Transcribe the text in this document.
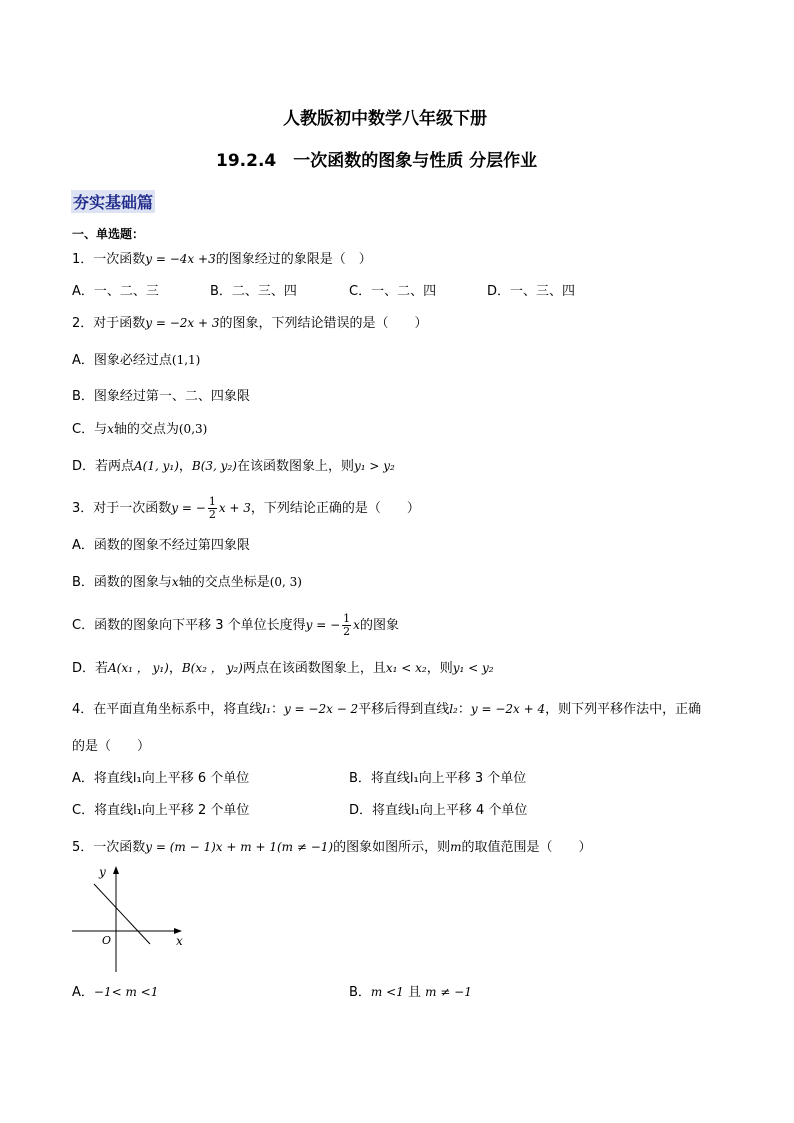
人教版初中数学八年级下册
19.2.4　一次函数的图象与性质 分层作业
夯实基础篇
一、单选题：
1．一次函数y = −4x +3的图象经过的象限是（　）
A．一、二、三	B．二、三、四	C．一、二、四	D．一、三、四
2．对于函数y = −2x + 3的图象，下列结论错误的是（　　）
A．图象必经过点(1,1)
B．图象经过第一、二、四象限
C．与x轴的交点为(0,3)
D．若两点A(1, y₁)，B(3, y₂)在该函数图象上，则y₁ > y₂
3．对于一次函数y = − $\frac{1}{2}$ x + 3，下列结论正确的是（　　）
A．函数的图象不经过第四象限
B．函数的图象与x轴的交点坐标是(0, 3)
C．函数的图象向下平移 3 个单位长度得y = − $\frac{1}{2}$ x的图象
D．若A(x₁ ， y₁)，B(x₂ ， y₂)两点在该函数图象上，且x₁ < x₂，则y₁ < y₂
4．在平面直角坐标系中，将直线l₁：y = −2x − 2平移后得到直线l₂：y = −2x + 4，则下列平移作法中，正确
的是（　　）
A．将直线l₁向上平移 6 个单位	B．将直线l₁向上平移 3 个单位
C．将直线l₁向上平移 2 个单位	D．将直线l₁向上平移 4 个单位
5．一次函数y = (m − 1)x + m + 1(m ≠ −1)的图象如图所示，则m的取值范围是（　　）
y
x
O
A．−1< m <1	B．m <1 且 m ≠ −1
